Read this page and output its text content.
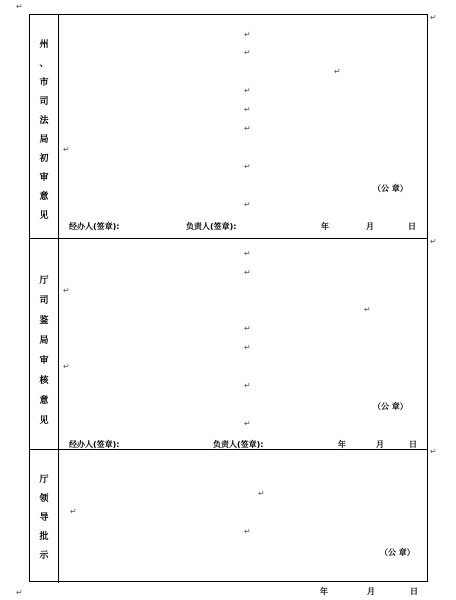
↵
↵
↵
↵
↵
州
、
市
司
法
局
初
审
意
见
↵
↵
↵
↵
↵
↵
↵
↵
↵
（公 章）
经办人(签章):	负责人(签章):	年	月	日
厅
司
鉴
局
审
核
意
见
↵
↵
↵
↵
↵
↵
↵
↵
↵
（公 章）
经办人(签章):	负责人(签章):	年	月	日
厅
领
导
批
示
↵
↵
↵
（公 章）
年	月	日
